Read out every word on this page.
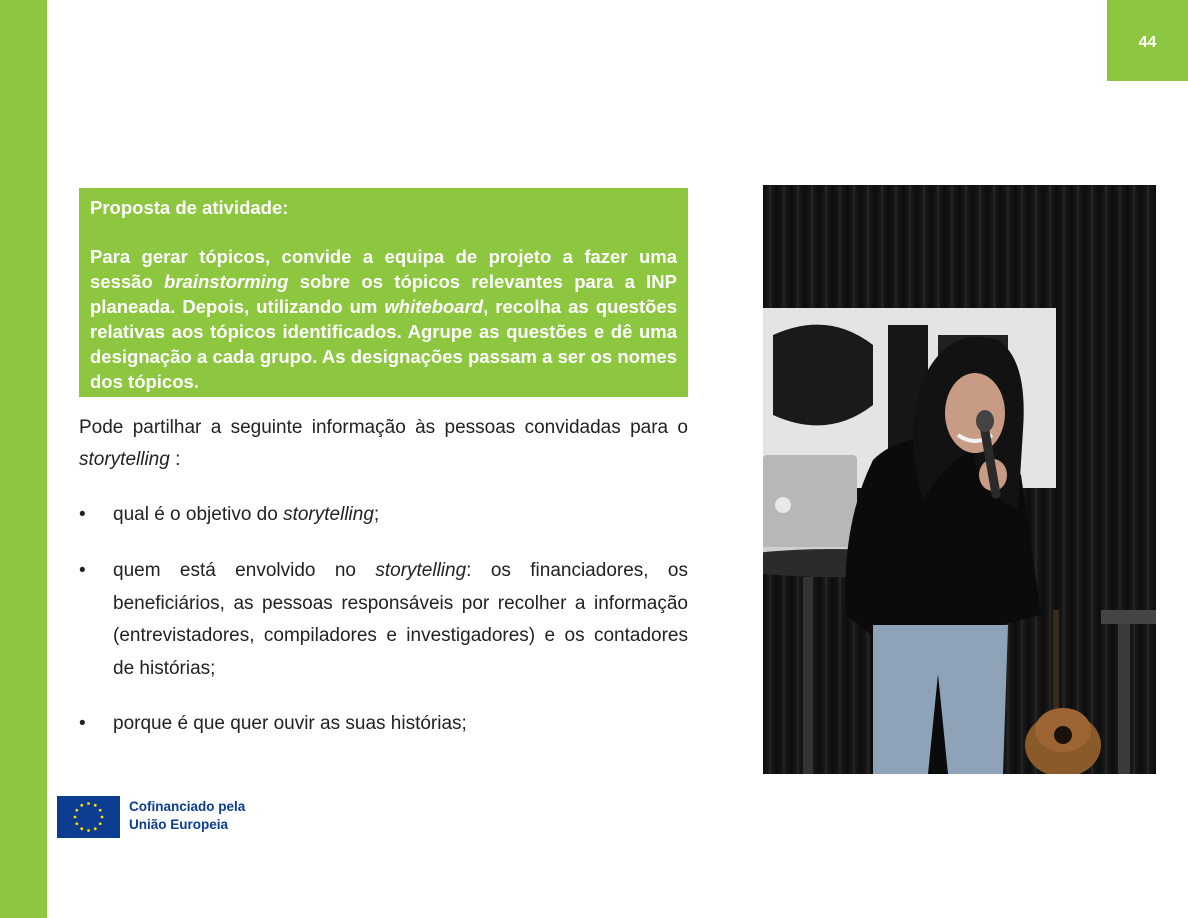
44

Proposta de atividade:

Para gerar tópicos, convide a equipa de projeto a fazer uma sessão brainstorming sobre os tópicos relevantes para a INP planeada. Depois, utilizando um whiteboard, recolha as questões relativas aos tópicos identificados. Agrupe as questões e dê uma designação a cada grupo. As designações passam a ser os nomes dos tópicos.

Pode partilhar a seguinte informação às pessoas convidadas para o storytelling :
• qual é o objetivo do storytelling;
• quem está envolvido no storytelling: os financiadores, os beneficiários, as pessoas responsáveis por recolher a informação (entrevistadores, compiladores e investigadores) e os contadores de histórias;
• porque é que quer ouvir as suas histórias;
Cofinanciado pela
União Europeia
